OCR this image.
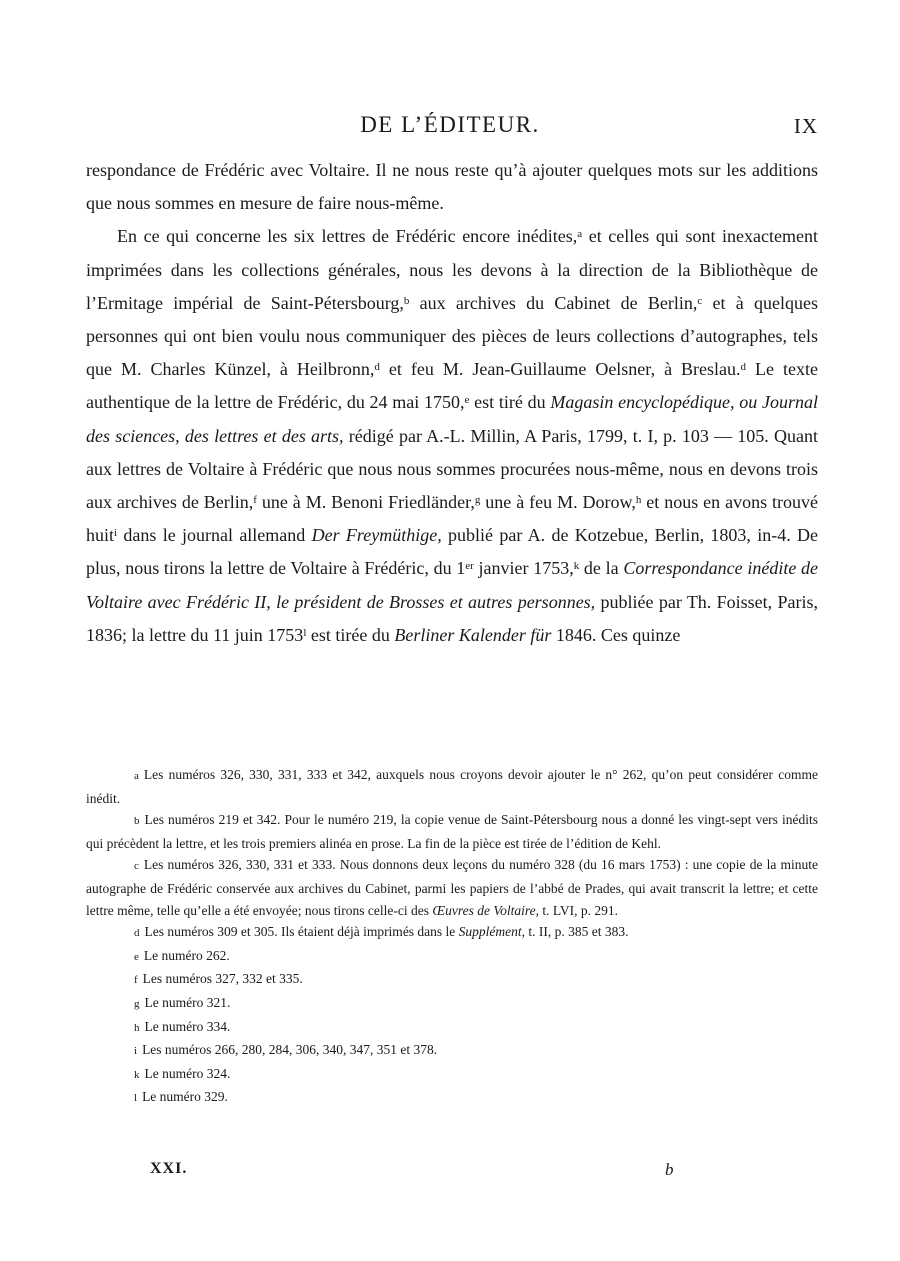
DE L’ÉDITEUR.	IX

respondance de Frédéric avec Voltaire. Il ne nous reste qu’à ajouter quelques mots sur les additions que nous sommes en mesure de faire nous-même.

En ce qui concerne les six lettres de Frédéric encore inédites,$^a$ et celles qui sont inexactement imprimées dans les collections générales, nous les devons à la direction de la Bibliothèque de l’Ermitage impérial de Saint-Pétersbourg,$^b$ aux archives du Cabinet de Berlin,$^c$ et à quelques personnes qui ont bien voulu nous communiquer des pièces de leurs collections d’autographes, tels que M. Charles Künzel, à Heilbronn,$^d$ et feu M. Jean-Guillaume Oelsner, à Breslau.$^d$ Le texte authentique de la lettre de Frédéric, du 24 mai 1750,$^e$ est tiré du Magasin encyclopédique, ou Journal des sciences, des lettres et des arts, rédigé par A.-L. Millin, A Paris, 1799, t. I, p. 103 — 105. Quant aux lettres de Voltaire à Frédéric que nous nous sommes procurées nous-même, nous en devons trois aux archives de Berlin,$^f$ une à M. Benoni Friedländer,$^g$ une à feu M. Dorow,$^h$ et nous en avons trouvé huit$^i$ dans le journal allemand Der Freymüthige, publié par A. de Kotzebue, Berlin, 1803, in-4. De plus, nous tirons la lettre de Voltaire à Frédéric, du 1er janvier 1753,$^k$ de la Correspondance inédite de Voltaire avec Frédéric II, le président de Brosses et autres personnes, publiée par Th. Foisset, Paris, 1836; la lettre du 11 juin 1753$^l$ est tirée du Berliner Kalender für 1846. Ces quinze

a Les numéros 326, 330, 331, 333 et 342, auxquels nous croyons devoir ajouter le n° 262, qu’on peut considérer comme inédit.

b Les numéros 219 et 342. Pour le numéro 219, la copie venue de Saint-Pétersbourg nous a donné les vingt-sept vers inédits qui précèdent la lettre, et les trois premiers alinéa en prose. La fin de la pièce est tirée de l’édition de Kehl.

c Les numéros 326, 330, 331 et 333. Nous donnons deux leçons du numéro 328 (du 16 mars 1753) : une copie de la minute autographe de Frédéric conservée aux archives du Cabinet, parmi les papiers de l’abbé de Prades, qui avait transcrit la lettre; et cette lettre même, telle qu’elle a été envoyée; nous tirons celle-ci des Œuvres de Voltaire, t. LVI, p. 291.

d Les numéros 309 et 305. Ils étaient déjà imprimés dans le Supplément, t. II, p. 385 et 383.

e Le numéro 262.

f Les numéros 327, 332 et 335.

g Le numéro 321.

h Le numéro 334.

i Les numéros 266, 280, 284, 306, 340, 347, 351 et 378.

k Le numéro 324.

l Le numéro 329.

XXI.	b
